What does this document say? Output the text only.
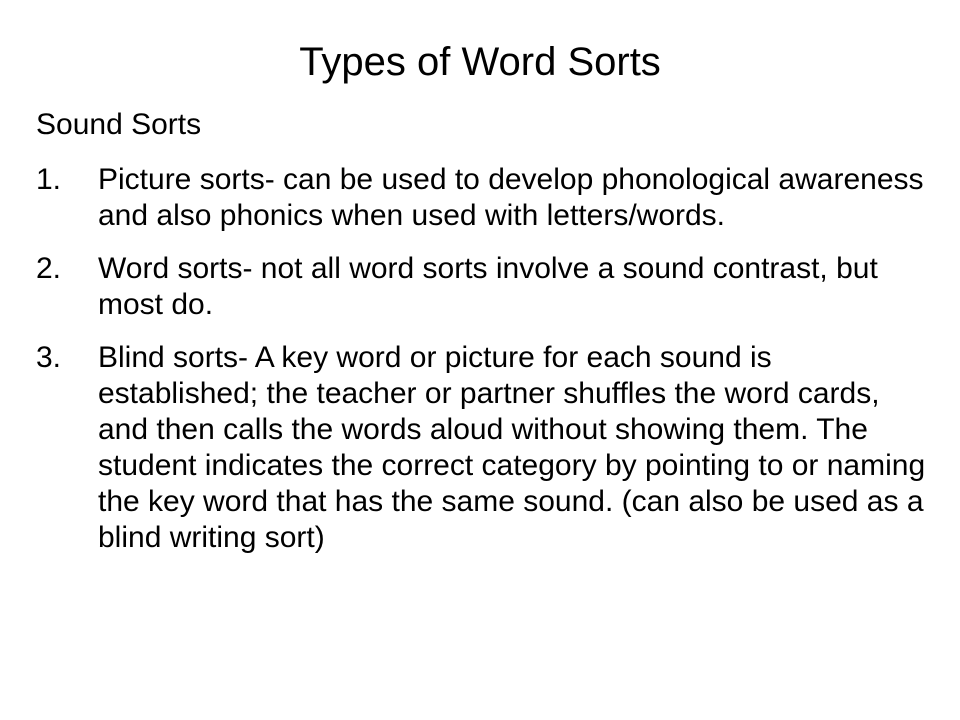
Types of Word Sorts
Sound Sorts
1.	Picture sorts- can be used to develop phonological awareness and also phonics when used with letters/words.
2.	Word sorts- not all word sorts involve a sound contrast, but most do.
3.	Blind sorts- A key word or picture for each sound is established; the teacher or partner shuffles the word cards, and then calls the words aloud without showing them. The student indicates the correct category by pointing to or naming the key word that has the same sound. (can also be used as a blind writing sort)
